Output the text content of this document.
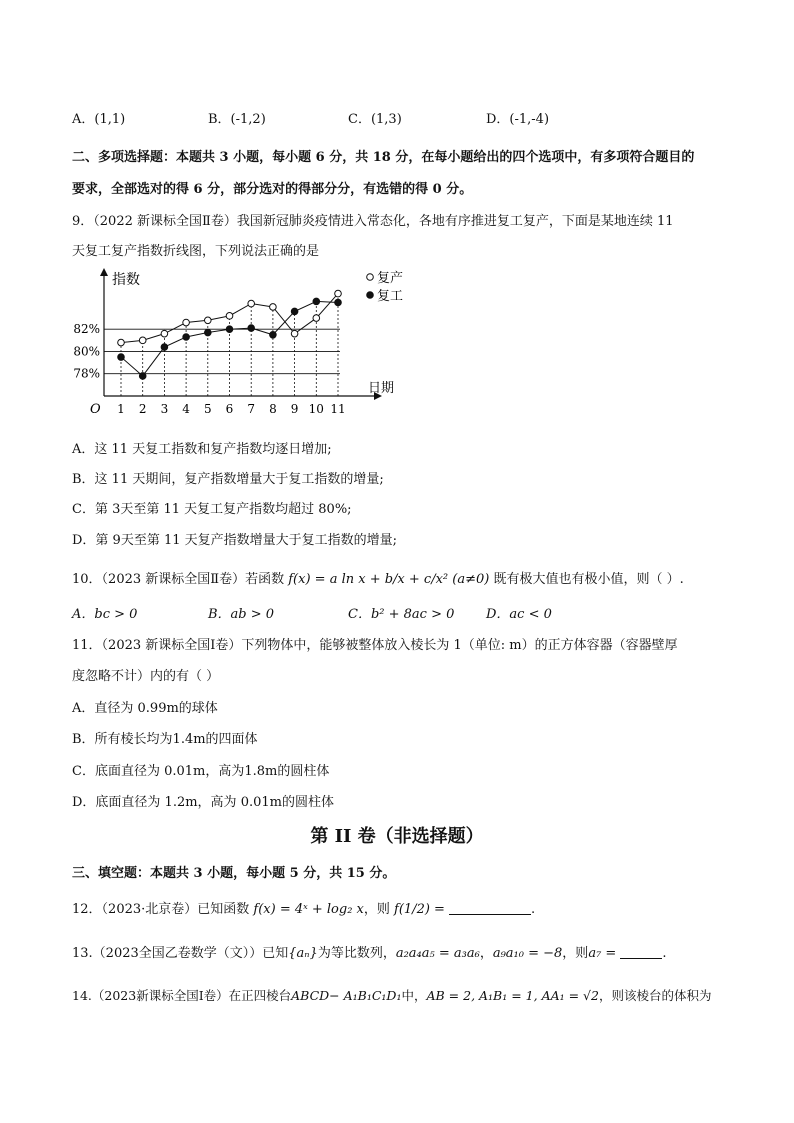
A．(1,1)	B．(-1,2)	C．(1,3)	D．(-1,-4)
二、多项选择题：本题共 3 小题，每小题 6 分，共 18 分，在每小题给出的四个选项中，有多项符合题目的
要求，全部选对的得 6 分，部分选对的得部分分，有选错的得 0 分。
9．（2022 新课标全国Ⅱ卷）我国新冠肺炎疫情进入常态化，各地有序推进复工复产，下面是某地连续 11
天复工复产指数折线图，下列说法正确的是
指数
日期
O
82%
80%
78%
1 2 3 4 5 6 7 8 9 10 11
复产
复工
A．这 11 天复工指数和复产指数均逐日增加;
B．这 11 天期间，复产指数增量大于复工指数的增量;
C．第 3天至第 11 天复工复产指数均超过 80%;
D．第 9天至第 11 天复产指数增量大于复工指数的增量;
10．（2023 新课标全国Ⅱ卷）若函数 f(x) = a ln x + b/x + c/x² (a≠0) 既有极大值也有极小值，则（ ）.
A．bc > 0	B．ab > 0	C．b² + 8ac > 0 D．ac < 0
11．（2023 新课标全国Ⅰ卷）下列物体中，能够被整体放入棱长为 1（单位: m）的正方体容器（容器壁厚
度忽略不计）内的有（ ）
A．直径为 0.99m的球体
B．所有棱长均为1.4m的四面体
C．底面直径为 0.01m，高为1.8m的圆柱体
D．底面直径为 1.2m，高为 0.01m的圆柱体
第 II 卷（非选择题）
三、填空题：本题共 3 小题，每小题 5 分，共 15 分。
12．（2023·北京卷）已知函数 f(x) = 4ˣ + log₂ x，则 f(1/2) =	.
13.（2023全国乙卷数学（文））已知{aₙ}为等比数列，a₂a₄a₅ = a₃a₆，a₉a₁₀ = −8，则a₇ =	.
14.（2023新课标全国Ⅰ卷）在正四棱台ABCD− A₁B₁C₁D₁中，AB = 2, A₁B₁ = 1, AA₁ = √2，则该棱台的体积为
